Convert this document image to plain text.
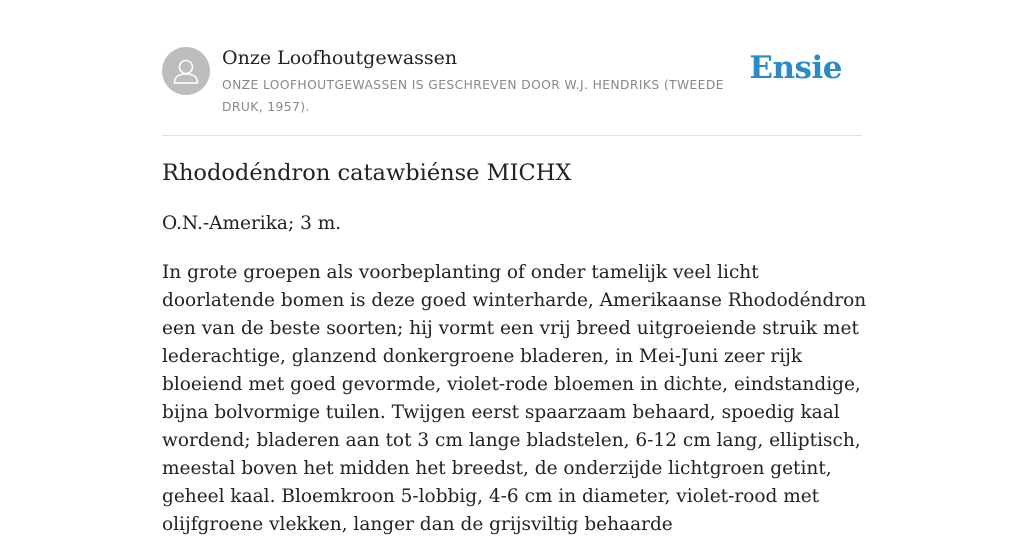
Onze Loofhoutgewassen
ONZE LOOFHOUTGEWASSEN IS GESCHREVEN DOOR W.J. HENDRIKS (TWEEDE DRUK, 1957).
Ensie
Rhododéndron catawbiénse MICHX

O.N.-Amerika; 3 m.

In grote groepen als voorbeplanting of onder tamelijk veel licht doorlatende bomen is deze goed winterharde, Amerikaanse Rhododéndron een van de beste soorten; hij vormt een vrij breed uitgroeiende struik met lederachtige, glanzend donkergroene bladeren, in Mei-Juni zeer rijk bloeiend met goed gevormde, violet-rode bloemen in dichte, eindstandige, bijna bolvormige tuilen. Twijgen eerst spaarzaam behaard, spoedig kaal wordend; bladeren aan tot 3 cm lange bladstelen, 6-12 cm lang, elliptisch, meestal boven het midden het breedst, de onderzijde lichtgroen getint, geheel kaal. Bloemkroon 5-lobbig, 4-6 cm in diameter, violet-rood met olijfgroene vlekken, langer dan de grijsviltig behaarde
